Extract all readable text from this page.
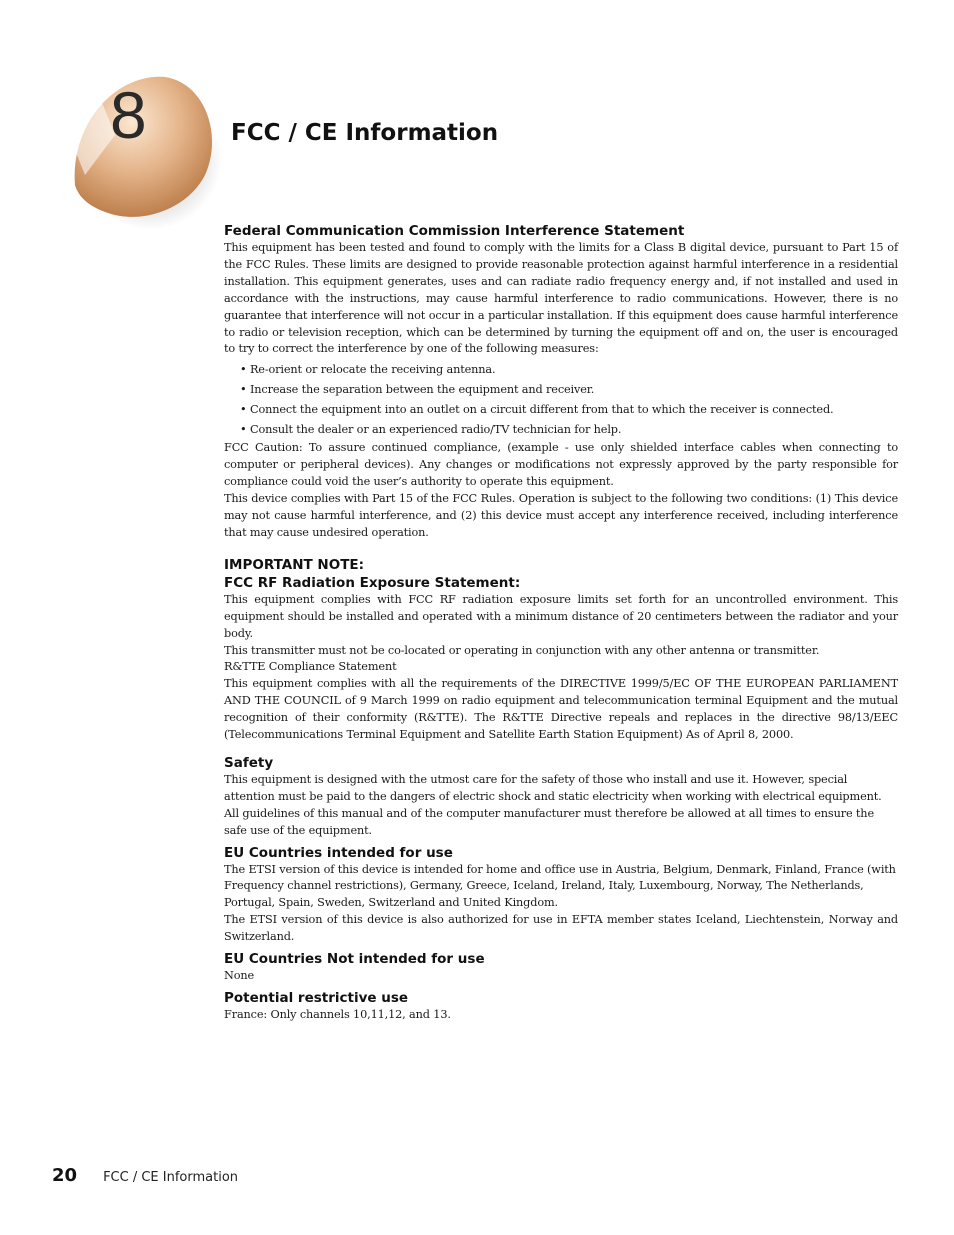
8	FCC / CE Information
Federal Communication Commission Interference Statement

This equipment has been tested and found to comply with the limits for a Class B digital device, pursuant to Part 15 of the FCC Rules. These limits are designed to provide reasonable protection against harmful interference in a residential installation. This equipment generates, uses and can radiate radio frequency energy and, if not installed and used in accordance with the instructions, may cause harmful interference to radio communications. However, there is no guarantee that interference will not occur in a particular installation. If this equipment does cause harmful interference to radio or television reception, which can be determined by turning the equipment off and on, the user is encouraged to try to correct the interference by one of the following measures:

• Re-orient or relocate the receiving antenna.
• Increase the separation between the equipment and receiver.
• Connect the equipment into an outlet on a circuit different from that to which the receiver is connected.
• Consult the dealer or an experienced radio/TV technician for help.

FCC Caution: To assure continued compliance, (example - use only shielded interface cables when connecting to computer or peripheral devices). Any changes or modifications not expressly approved by the party responsible for compliance could void the user’s authority to operate this equipment.

This device complies with Part 15 of the FCC Rules. Operation is subject to the following two conditions: (1) This device may not cause harmful interference, and (2) this device must accept any interference received, including interference that may cause undesired operation.

IMPORTANT NOTE:
FCC RF Radiation Exposure Statement:

This equipment complies with FCC RF radiation exposure limits set forth for an uncontrolled environment. This equipment should be installed and operated with a minimum distance of 20 centimeters between the radiator and your body.

This transmitter must not be co-located or operating in conjunction with any other antenna or transmitter.

R&TTE Compliance Statement

This equipment complies with all the requirements of the DIRECTIVE 1999/5/EC OF THE EUROPEAN PARLIAMENT AND THE COUNCIL of 9 March 1999 on radio equipment and telecommunication terminal Equipment and the mutual recognition of their conformity (R&TTE). The R&TTE Directive repeals and replaces in the directive 98/13/EEC (Telecommunications Terminal Equipment and Satellite Earth Station Equipment) As of April 8, 2000.

Safety

This equipment is designed with the utmost care for the safety of those who install and use it. However, special attention must be paid to the dangers of electric shock and static electricity when working with electrical equipment. All guidelines of this manual and of the computer manufacturer must therefore be allowed at all times to ensure the safe use of the equipment.

EU Countries intended for use

The ETSI version of this device is intended for home and office use in Austria, Belgium, Denmark, Finland, France (with Frequency channel restrictions), Germany, Greece, Iceland, Ireland, Italy, Luxembourg, Norway, The Netherlands, Portugal, Spain, Sweden, Switzerland and United Kingdom.

The ETSI version of this device is also authorized for use in EFTA member states Iceland, Liechtenstein, Norway and Switzerland.

EU Countries Not intended for use

None

Potential restrictive use

France: Only channels 10,11,12, and 13.

20 FCC / CE Information
